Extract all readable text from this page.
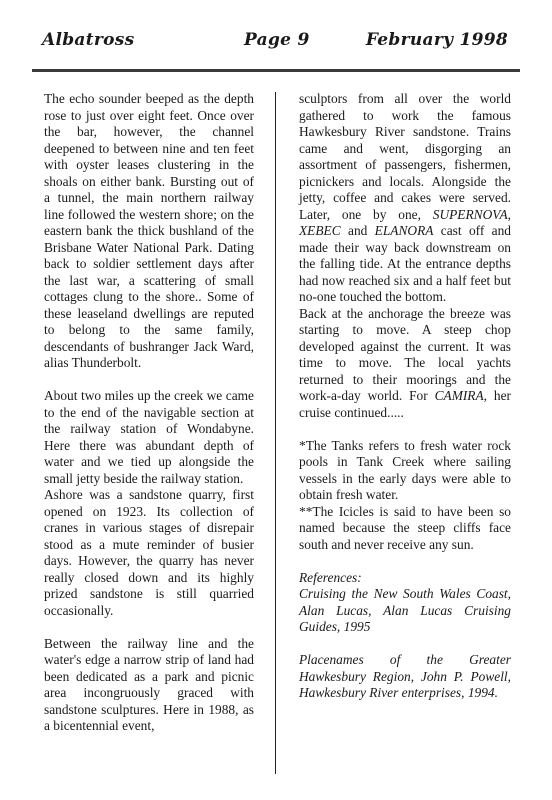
Albatross	Page 9	February 1998

The echo sounder beeped as the depth rose to just over eight feet. Once over the bar, however, the channel deepened to between nine and ten feet with oyster leases clustering in the shoals on either bank. Bursting out of a tunnel, the main northern railway line followed the western shore; on the eastern bank the thick bushland of the Brisbane Water National Park. Dating back to soldier settlement days after the last war, a scattering of small cottages clung to the shore.. Some of these leaseland dwellings are reputed to belong to the same family, descendants of bushranger Jack Ward, alias Thunderbolt.

About two miles up the creek we came to the end of the navigable section at the railway station of Wondabyne. Here there was abundant depth of water and we tied up alongside the small jetty beside the railway station.

Ashore was a sandstone quarry, first opened on 1923. Its collection of cranes in various stages of disrepair stood as a mute reminder of busier days. However, the quarry has never really closed down and its highly prized sandstone is still quarried occasionally.

Between the railway line and the water's edge a narrow strip of land had been dedicated as a park and picnic area incongruously graced with sandstone sculptures. Here in 1988, as a bicentennial event,

sculptors from all over the world gathered to work the famous Hawkesbury River sandstone. Trains came and went, disgorging an assortment of passengers, fishermen, picnickers and locals. Alongside the jetty, coffee and cakes were served. Later, one by one, SUPERNOVA, XEBEC and ELANORA cast off and made their way back downstream on the falling tide. At the entrance depths had now reached six and a half feet but no-one touched the bottom.

Back at the anchorage the breeze was starting to move. A steep chop developed against the current. It was time to move. The local yachts returned to their moorings and the work-a-day world. For CAMIRA, her cruise continued.....

*The Tanks refers to fresh water rock pools in Tank Creek where sailing vessels in the early days were able to obtain fresh water.

**The Icicles is said to have been so named because the steep cliffs face south and never receive any sun.

References:

Cruising the New South Wales Coast, Alan Lucas, Alan Lucas Cruising Guides, 1995

Placenames of the Greater Hawkesbury Region, John P. Powell, Hawkesbury River enterprises, 1994.
